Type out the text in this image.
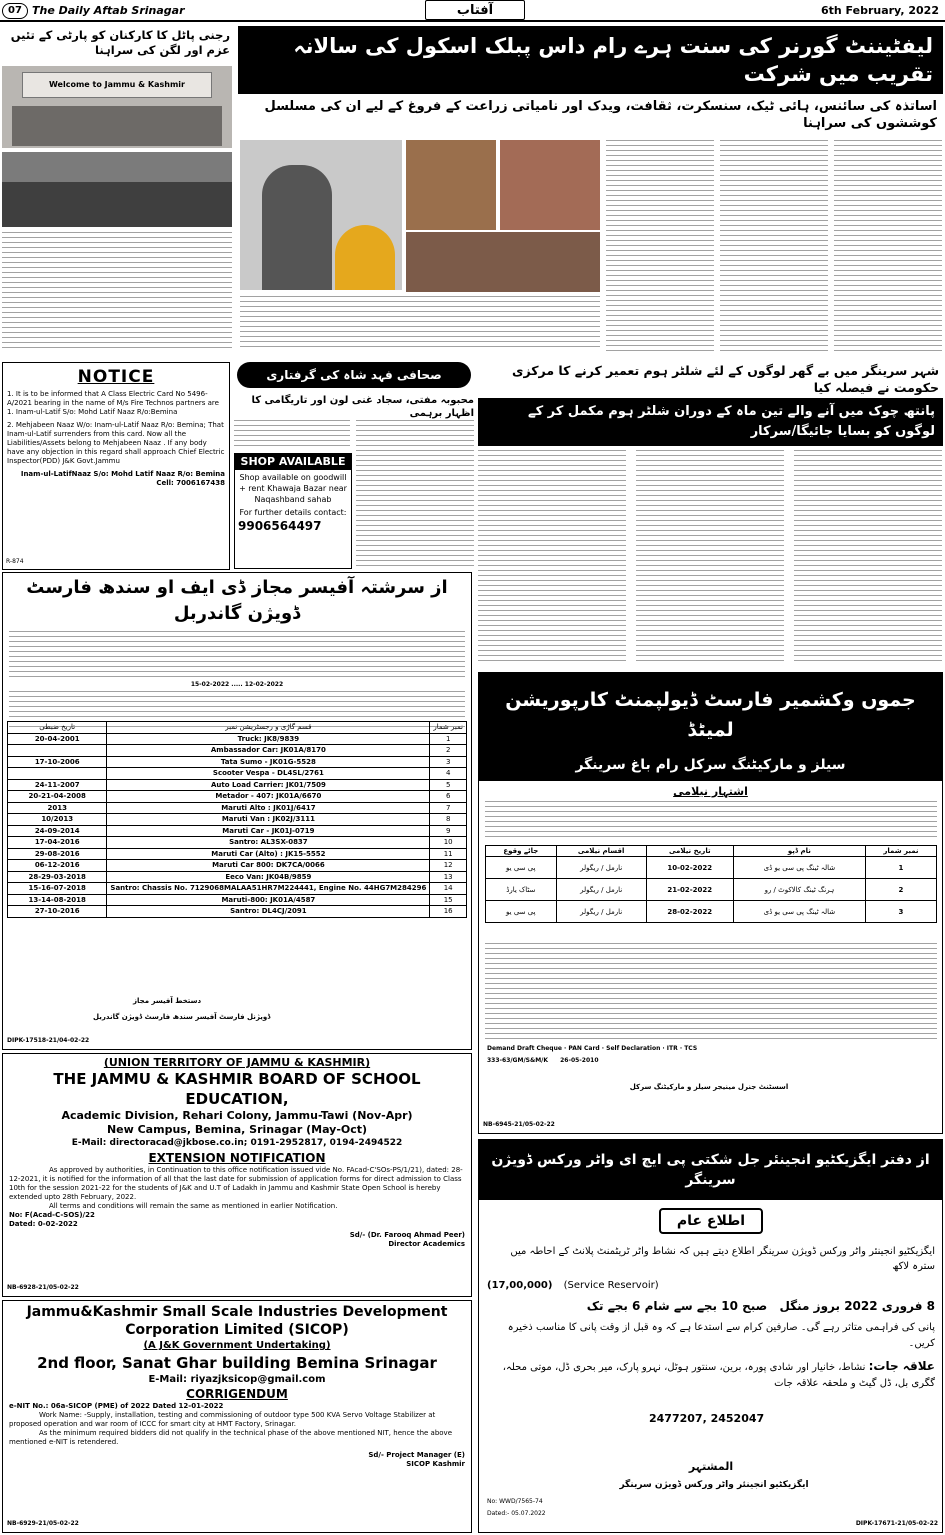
07 The Daily Aftab Srinagar	آفتاب	6th February, 2022
رجنی پاٹل کا کارکنان کو پارٹی کے تئیں عزم اور لگن کی سراہنا
Welcome to Jammu & Kashmir
لیفٹیننٹ گورنر کی سنت ہرے رام داس پبلک اسکول کی سالانہ تقریب میں شرکت
اساتذہ کی سائنس، ہائی ٹیک، سنسکرت، ثقافت، ویدک اور نامیاتی زراعت کے فروغ کے لیے ان کی مسلسل کوششوں کی سراہنا
NOTICE
1. It is to be informed that A Class Electric Card No 5496-A/2021 bearing in the name of M/s Fire Technos partners are 1. Inam-ul-Latif S/o: Mohd Latif Naaz R/o:Bemina
2. Mehjabeen Naaz W/o: Inam-ul-Latif Naaz R/o: Bemina; That Inam-ul-Latif surrenders from this card. Now all the Liabilities/Assets belong to Mehjabeen Naaz . If any body have any objection in this regard shall approach Chief Electric Inspector(PDD) J&K Govt.Jammu
Inam-ul-LatifNaaz S/o: Mohd Latif Naaz R/o: Bemina
Cell: 7006167438
R-874
صحافی فہد شاہ کی گرفتاری
محبوبہ مفتی، سجاد غنی لون اور تاریگامی کا اظہار برہمی
SHOP AVAILABLE
Shop available on goodwill + rent Khawaja Bazar near Naqashband sahab
For further details contact:
9906564497
شہر سرینگر میں بے گھر لوگوں کے لئے شلٹر ہوم تعمیر کرنے کا مرکزی حکومت نے فیصلہ کیا
پانتھ چوک میں آنے والے تین ماہ کے دوران شلٹر ہوم مکمل کر کے لوگوں کو بسایا جائیگا/سرکار
از سرشتہ آفیسر مجاز ڈی ایف او سندھ فارسٹ ڈویژن گاندربل
15-02-2022 ..... 12-02-2022
تاریخ ضبطی	قسم گاڑی و رجسٹریشن نمبر	نمبر شمار
20-04-2001	Truck: JK8/9839	1
	Ambassador Car: JK01A/8170	2
17-10-2006	Tata Sumo - JK01G-5528	3
	Scooter Vespa - DL4SL/2761	4
24-11-2007	Auto Load Carrier: JK01/7509	5
20-21-04-2008	Metador - 407: JK01A/6670	6
2013	Maruti Alto : JK01J/6417	7
10/2013	Maruti Van : JK02J/3111	8
24-09-2014	Maruti Car - JK01J-0719	9
17-04-2016	Santro: AL3SX-0837	10
29-08-2016	Maruti Car (Alto) : JK15-5552	11
06-12-2016	Maruti Car 800: DK7CA/0066	12
28-29-03-2018	Eeco Van: JK04B/9859	13
15-16-07-2018	Santro: Chassis No. 7129068MALAA51HR7M224441, Engine No. 44HG7M284296	14
13-14-08-2018	Maruti-800: JK01A/4587	15
27-10-2016	Santro: DL4CJ/2091	16
دستخط آفیسر مجاز
ڈویژنل فارسٹ آفیسر سندھ فارسٹ ڈویژن گاندربل
DIPK-17518-21/04-02-22
جموں وکشمیر فارسٹ ڈیولپمنٹ کارپوریشن لمیٹڈ
سیلز و مارکیٹنگ سرکل رام باغ سرینگر
اشتہار نیلامی
جائے وقوع	اقسام نیلامی	تاریخ نیلامی	نام ڈپو	نمبر شمار
پی سی یو	نارمل / ریگولر	10-02-2022	شالہ ٹینگ پی سی یو ڈی	1
سٹاک یارڈ	نارمل / ریگولر	21-02-2022	ہرنگ ٹینگ کالاکوٹ / رو	2
پی سی یو	نارمل / ریگولر	28-02-2022	شالہ ٹینگ پی سی یو ڈی	3
Demand Draft Cheque · PAN Card · Self Declaration · ITR · TCS
333-63/GM/S&M/K 26-05-2010
اسسٹنٹ جنرل مینیجر سیلز و مارکیٹنگ سرکل
NB-6945-21/05-02-22
(UNION TERRITORY OF JAMMU & KASHMIR)
THE JAMMU & KASHMIR BOARD OF SCHOOL EDUCATION,
Academic Division, Rehari Colony, Jammu-Tawi (Nov-Apr)
New Campus, Bemina, Srinagar (May-Oct)
E-Mail: directoracad@jkbose.co.in; 0191-2952817, 0194-2494522
EXTENSION NOTIFICATION
As approved by authorities, in Continuation to this office notification issued vide No. FAcad-C'SOs-PS/1/21), dated: 28-12-2021, it is notified for the information of all that the last date for submission of application forms for direct admission to Class 10th for the session 2021-22 for the students of J&K and U.T of Ladakh in Jammu and Kashmir State Open School is hereby extended upto 28th February, 2022.
All terms and conditions will remain the same as mentioned in earlier Notification.
No: F(Acad-C-SOS)/22
Dated: 0-02-2022
Sd/- (Dr. Farooq Ahmad Peer)
Director Academics
NB-6928-21/05-02-22
Jammu&Kashmir Small Scale Industries Development Corporation Limited (SICOP)
(A J&K Government Undertaking)
2nd floor, Sanat Ghar building Bemina Srinagar
E-Mail: riyazjksicop@gmail.com
CORRIGENDUM
e-NIT No.: 06a-SICOP (PME) of 2022 Dated 12-01-2022
Work Name: -Supply, installation, testing and commissioning of outdoor type 500 KVA Servo Voltage Stabilizer at proposed operation and war room of ICCC for smart city at HMT Factory, Srinagar.
As the minimum required bidders did not qualify in the technical phase of the above mentioned NIT, hence the above mentioned e-NIT is retendered.
Sd/- Project Manager (E)
SICOP Kashmir
NB-6929-21/05-02-22
از دفتر ایگزیکٹیو انجینئر جل شکتی پی ایچ ای واٹر ورکس ڈویژن سرینگر
اطلاع عام
ایگزیکٹیو انجینئر واٹر ورکس ڈویژن سرینگر اطلاع دیتے ہیں کہ نشاط واٹر ٹریٹمنٹ پلانٹ کے احاطہ میں سترہ لاکھ
(17,00,000) (Service Reservoir)
8 فروری 2022 بروز منگل صبح 10 بجے سے شام 6 بجے تک
پانی کی فراہمی متاثر رہے گی۔ صارفین کرام سے استدعا ہے کہ وہ قبل از وقت پانی کا مناسب ذخیرہ کریں۔
علاقہ جات: نشاط، خانیار اور شادی پورہ، برین، سنتور ہوٹل، نہرو پارک، میر بحری ڈل، موتی محلہ، گگری بل، ڈل گیٹ و ملحقہ علاقہ جات
2477207, 2452047
المشتہر
ایگزیکٹیو انجینئر واٹر ورکس ڈویژن سرینگر
No: WWD/7565-74
Dated:- 05.07.2022
DIPK-17671-21/05-02-22
